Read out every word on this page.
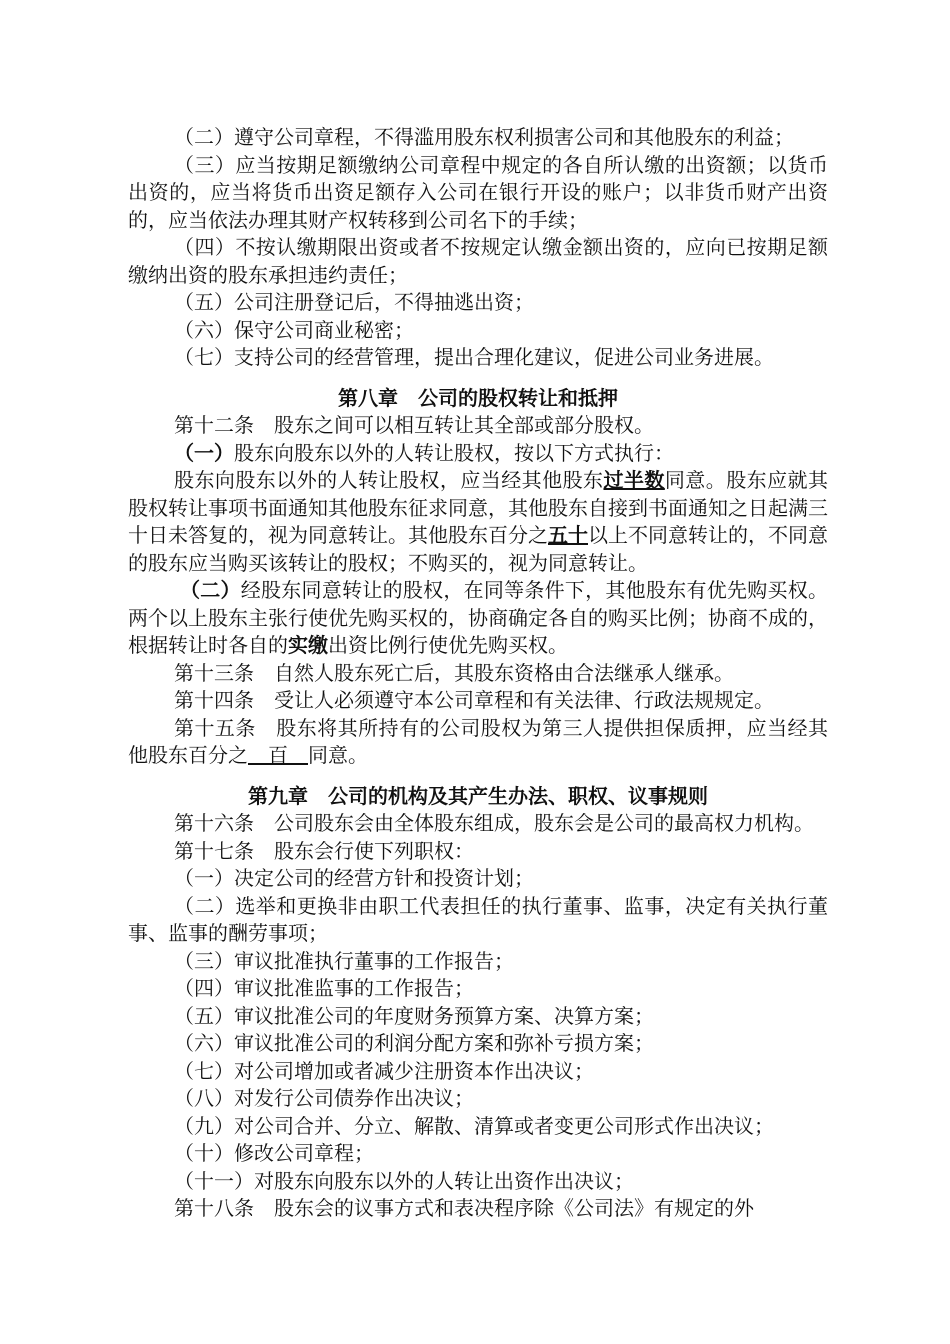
（二）遵守公司章程，不得滥用股东权利损害公司和其他股东的利益；

（三）应当按期足额缴纳公司章程中规定的各自所认缴的出资额；以货币出资的，应当将货币出资足额存入公司在银行开设的账户；以非货币财产出资的，应当依法办理其财产权转移到公司名下的手续；

（四）不按认缴期限出资或者不按规定认缴金额出资的，应向已按期足额缴纳出资的股东承担违约责任；

（五）公司注册登记后，不得抽逃出资；

（六）保守公司商业秘密；

（七）支持公司的经营管理，提出合理化建议，促进公司业务进展。

第八章　公司的股权转让和抵押

第十二条　股东之间可以相互转让其全部或部分股权。

（一）股东向股东以外的人转让股权，按以下方式执行：

股东向股东以外的人转让股权，应当经其他股东过半数同意。股东应就其股权转让事项书面通知其他股东征求同意，其他股东自接到书面通知之日起满三十日未答复的，视为同意转让。其他股东百分之五十以上不同意转让的，不同意的股东应当购买该转让的股权；不购买的，视为同意转让。

（二）经股东同意转让的股权，在同等条件下，其他股东有优先购买权。两个以上股东主张行使优先购买权的，协商确定各自的购买比例；协商不成的，根据转让时各自的实缴出资比例行使优先购买权。

第十三条　自然人股东死亡后，其股东资格由合法继承人继承。

第十四条　受让人必须遵守本公司章程和有关法律、行政法规规定。

第十五条　股东将其所持有的公司股权为第三人提供担保质押，应当经其他股东百分之　百　同意。

第九章　公司的机构及其产生办法、职权、议事规则

第十六条　公司股东会由全体股东组成，股东会是公司的最高权力机构。

第十七条　股东会行使下列职权：

（一）决定公司的经营方针和投资计划；

（二）选举和更换非由职工代表担任的执行董事、监事，决定有关执行董事、监事的酬劳事项；

（三）审议批准执行董事的工作报告；

（四）审议批准监事的工作报告；

（五）审议批准公司的年度财务预算方案、决算方案；

（六）审议批准公司的利润分配方案和弥补亏损方案；

（七）对公司增加或者减少注册资本作出决议；

（八）对发行公司债券作出决议；

（九）对公司合并、分立、解散、清算或者变更公司形式作出决议；

（十）修改公司章程；

（十一）对股东向股东以外的人转让出资作出决议；

第十八条　股东会的议事方式和表决程序除《公司法》有规定的外
